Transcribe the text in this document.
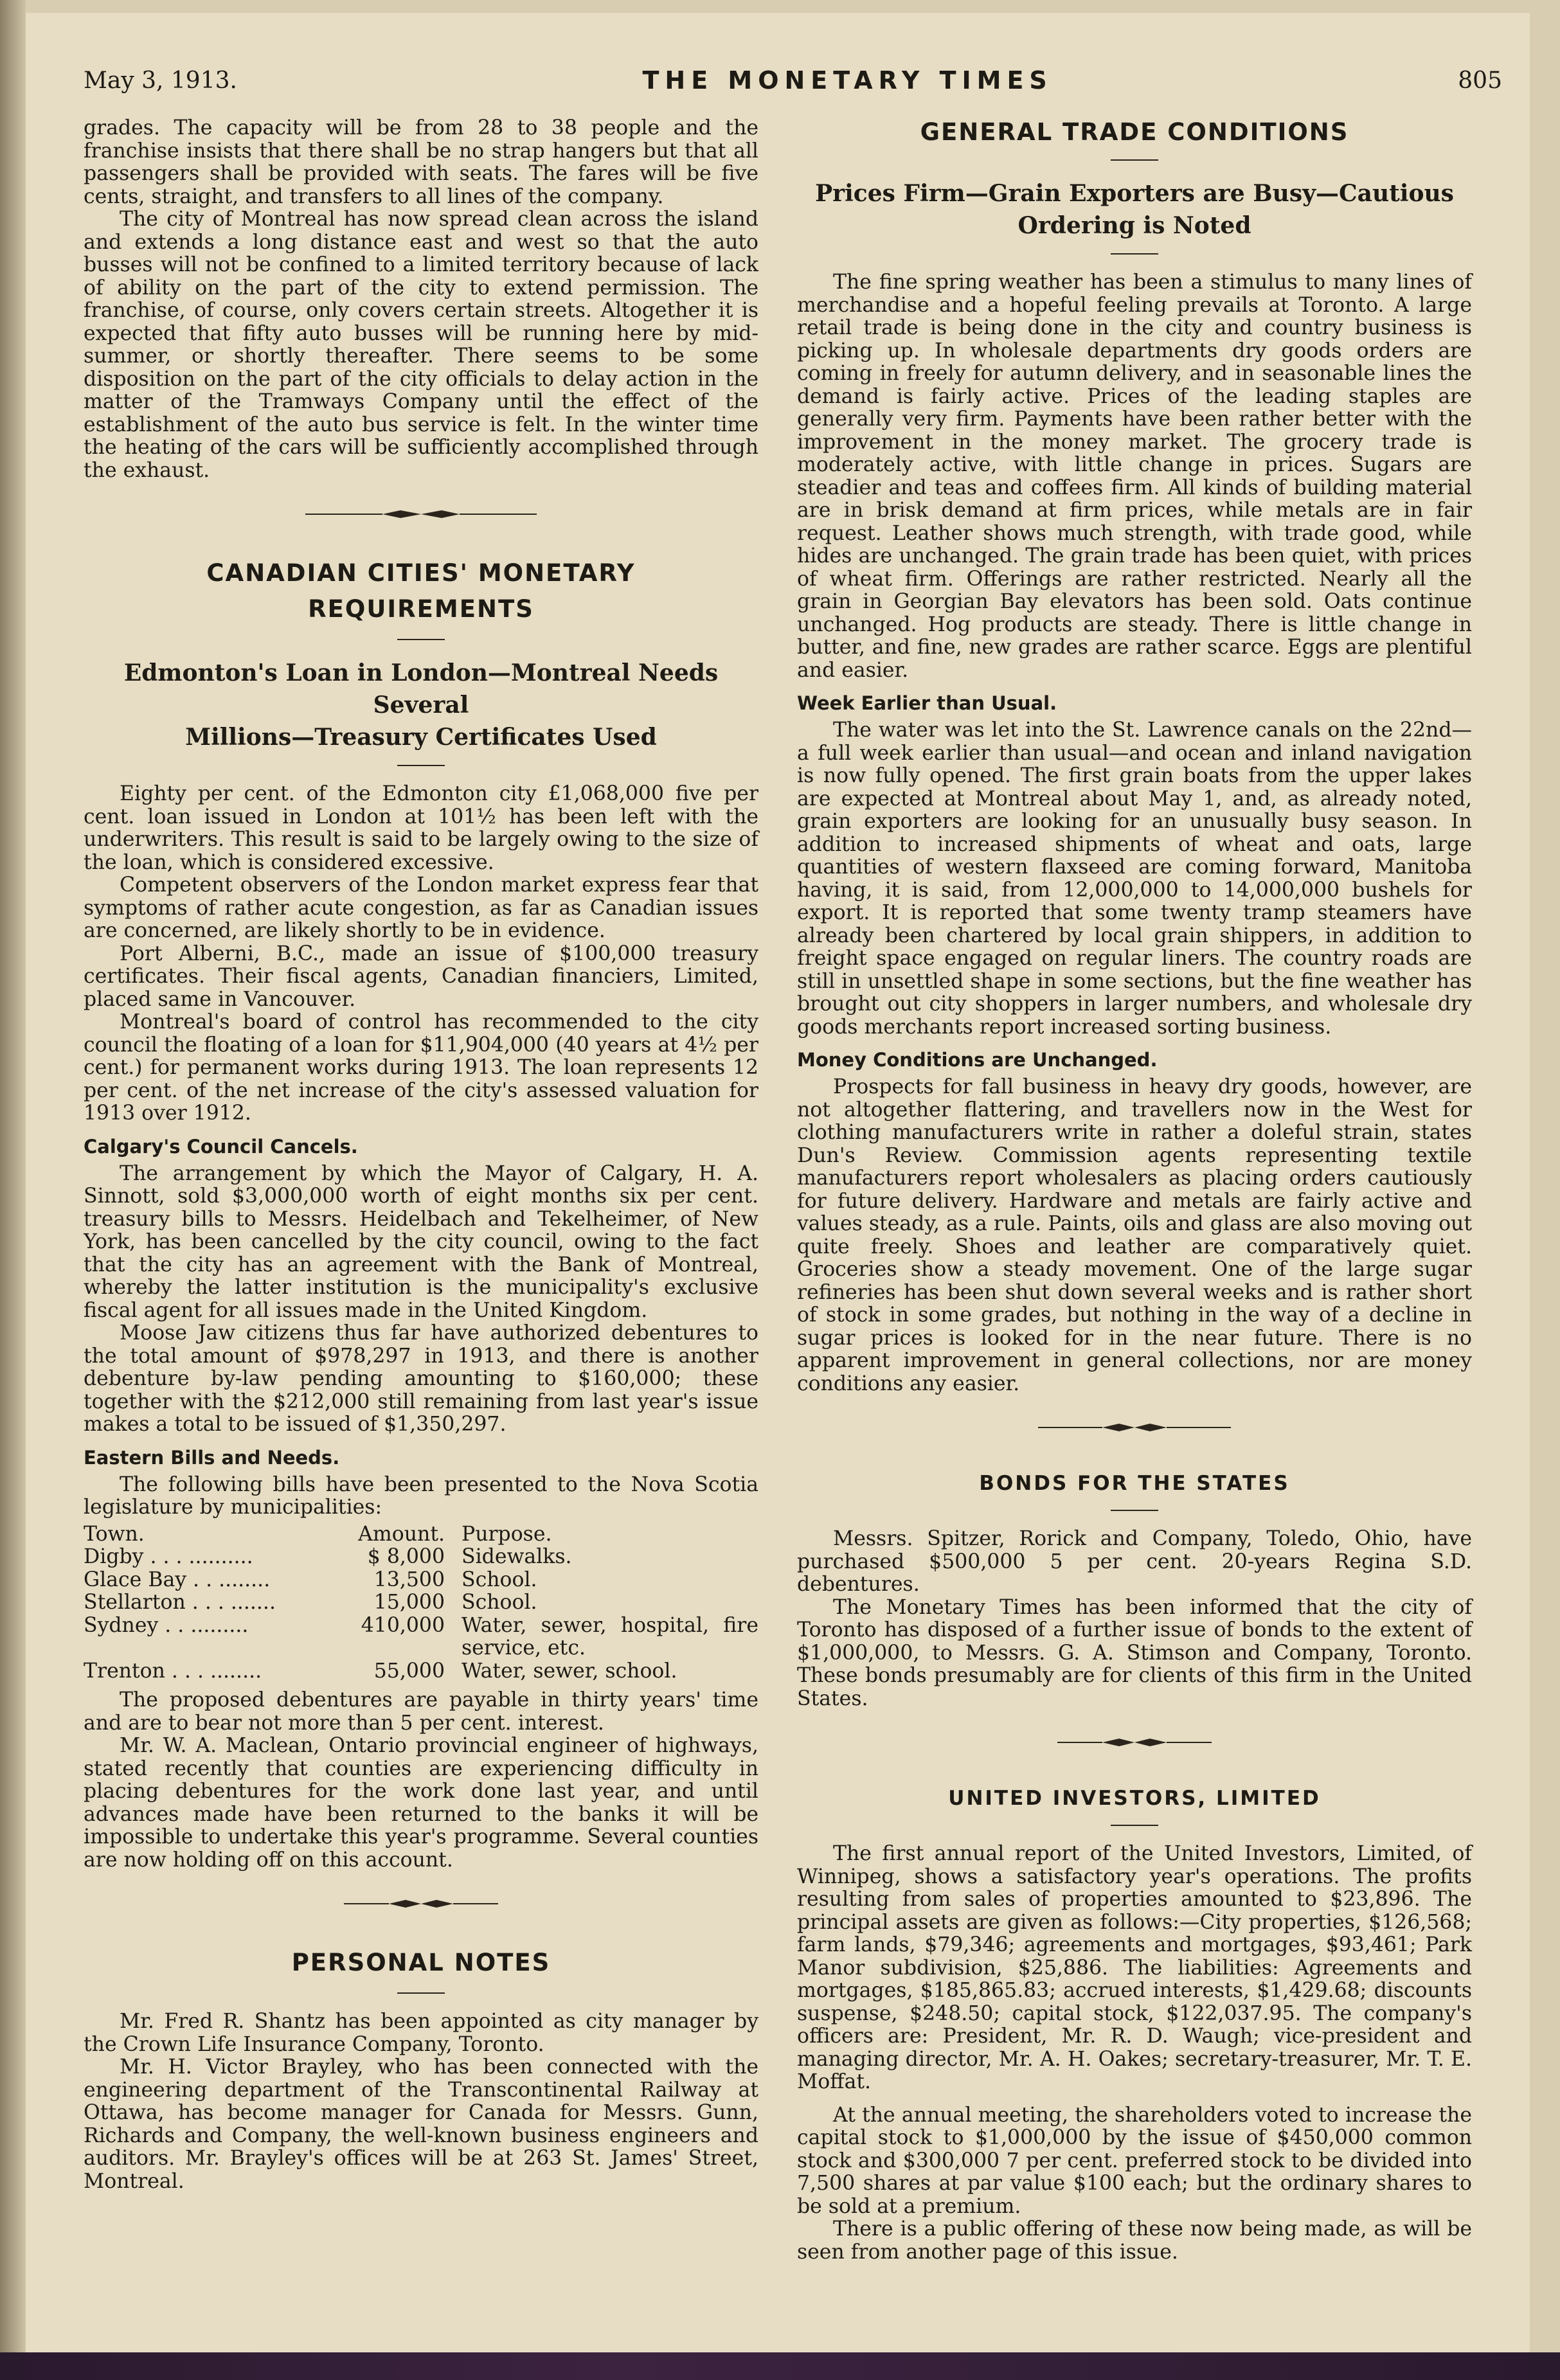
May 3, 1913.	THE MONETARY TIMES	805

grades. The capacity will be from 28 to 38 people and the franchise insists that there shall be no strap hangers but that all passengers shall be provided with seats. The fares will be five cents, straight, and transfers to all lines of the company.

The city of Montreal has now spread clean across the island and extends a long distance east and west so that the auto busses will not be confined to a limited territory because of lack of ability on the part of the city to extend permission. The franchise, of course, only covers certain streets. Altogether it is expected that fifty auto busses will be running here by mid-summer, or shortly thereafter. There seems to be some disposition on the part of the city officials to delay action in the matter of the Tramways Company until the effect of the establishment of the auto bus service is felt. In the winter time the heating of the cars will be sufficiently accomplished through the exhaust.

CANADIAN CITIES' MONETARY
REQUIREMENTS
Edmonton's Loan in London—Montreal Needs Several
Millions—Treasury Certificates Used

Eighty per cent. of the Edmonton city £1,068,000 five per cent. loan issued in London at 101½ has been left with the underwriters. This result is said to be largely owing to the size of the loan, which is considered excessive.

Competent observers of the London market express fear that symptoms of rather acute congestion, as far as Canadian issues are concerned, are likely shortly to be in evidence.

Port Alberni, B.C., made an issue of $100,000 treasury certificates. Their fiscal agents, Canadian financiers, Limited, placed same in Vancouver.

Montreal's board of control has recommended to the city council the floating of a loan for $11,904,000 (40 years at 4½ per cent.) for permanent works during 1913. The loan represents 12 per cent. of the net increase of the city's assessed valuation for 1913 over 1912.

Calgary's Council Cancels.

The arrangement by which the Mayor of Calgary, H. A. Sinnott, sold $3,000,000 worth of eight months six per cent. treasury bills to Messrs. Heidelbach and Tekelheimer, of New York, has been cancelled by the city council, owing to the fact that the city has an agreement with the Bank of Montreal, whereby the latter institution is the municipality's exclusive fiscal agent for all issues made in the United Kingdom.

Moose Jaw citizens thus far have authorized debentures to the total amount of $978,297 in 1913, and there is another debenture by-law pending amounting to $160,000; these together with the $212,000 still remaining from last year's issue makes a total to be issued of $1,350,297.

Eastern Bills and Needs.

The following bills have been presented to the Nova Scotia legislature by municipalities:

Town.	Amount.	Purpose.
Digby . . . ..........	$ 8,000	Sidewalks.
Glace Bay . . ........	13,500	School.
Stellarton . . . .......	15,000	School.
Sydney . . .........	410,000	Water, sewer, hospital, fire service, etc.
Trenton . . . ........	55,000	Water, sewer, school.

The proposed debentures are payable in thirty years' time and are to bear not more than 5 per cent. interest.

Mr. W. A. Maclean, Ontario provincial engineer of highways, stated recently that counties are experiencing difficulty in placing debentures for the work done last year, and until advances made have been returned to the banks it will be impossible to undertake this year's programme. Several counties are now holding off on this account.

PERSONAL NOTES

Mr. Fred R. Shantz has been appointed as city manager by the Crown Life Insurance Company, Toronto.

Mr. H. Victor Brayley, who has been connected with the engineering department of the Transcontinental Railway at Ottawa, has become manager for Canada for Messrs. Gunn, Richards and Company, the well-known business engineers and auditors. Mr. Brayley's offices will be at 263 St. James' Street, Montreal.

GENERAL TRADE CONDITIONS
Prices Firm—Grain Exporters are Busy—Cautious
Ordering is Noted

The fine spring weather has been a stimulus to many lines of merchandise and a hopeful feeling prevails at Toronto. A large retail trade is being done in the city and country business is picking up. In wholesale departments dry goods orders are coming in freely for autumn delivery, and in seasonable lines the demand is fairly active. Prices of the leading staples are generally very firm. Payments have been rather better with the improvement in the money market. The grocery trade is moderately active, with little change in prices. Sugars are steadier and teas and coffees firm. All kinds of building material are in brisk demand at firm prices, while metals are in fair request. Leather shows much strength, with trade good, while hides are unchanged. The grain trade has been quiet, with prices of wheat firm. Offerings are rather restricted. Nearly all the grain in Georgian Bay elevators has been sold. Oats continue unchanged. Hog products are steady. There is little change in butter, and fine, new grades are rather scarce. Eggs are plentiful and easier.

Week Earlier than Usual.

The water was let into the St. Lawrence canals on the 22nd—a full week earlier than usual—and ocean and inland navigation is now fully opened. The first grain boats from the upper lakes are expected at Montreal about May 1, and, as already noted, grain exporters are looking for an unusually busy season. In addition to increased shipments of wheat and oats, large quantities of western flaxseed are coming forward, Manitoba having, it is said, from 12,000,000 to 14,000,000 bushels for export. It is reported that some twenty tramp steamers have already been chartered by local grain shippers, in addition to freight space engaged on regular liners. The country roads are still in unsettled shape in some sections, but the fine weather has brought out city shoppers in larger numbers, and wholesale dry goods merchants report increased sorting business.

Money Conditions are Unchanged.

Prospects for fall business in heavy dry goods, however, are not altogether flattering, and travellers now in the West for clothing manufacturers write in rather a doleful strain, states Dun's Review. Commission agents representing textile manufacturers report wholesalers as placing orders cautiously for future delivery. Hardware and metals are fairly active and values steady, as a rule. Paints, oils and glass are also moving out quite freely. Shoes and leather are comparatively quiet. Groceries show a steady movement. One of the large sugar refineries has been shut down several weeks and is rather short of stock in some grades, but nothing in the way of a decline in sugar prices is looked for in the near future. There is no apparent improvement in general collections, nor are money conditions any easier.

BONDS FOR THE STATES

Messrs. Spitzer, Rorick and Company, Toledo, Ohio, have purchased $500,000 5 per cent. 20-years Regina S.D. debentures.

The Monetary Times has been informed that the city of Toronto has disposed of a further issue of bonds to the extent of $1,000,000, to Messrs. G. A. Stimson and Company, Toronto. These bonds presumably are for clients of this firm in the United States.

UNITED INVESTORS, LIMITED

The first annual report of the United Investors, Limited, of Winnipeg, shows a satisfactory year's operations. The profits resulting from sales of properties amounted to $23,896. The principal assets are given as follows:—City properties, $126,568; farm lands, $79,346; agreements and mortgages, $93,461; Park Manor subdivision, $25,886. The liabilities: Agreements and mortgages, $185,865.83; accrued interests, $1,429.68; discounts suspense, $248.50; capital stock, $122,037.95. The company's officers are: President, Mr. R. D. Waugh; vice-president and managing director, Mr. A. H. Oakes; secretary-treasurer, Mr. T. E. Moffat.

At the annual meeting, the shareholders voted to increase the capital stock to $1,000,000 by the issue of $450,000 common stock and $300,000 7 per cent. preferred stock to be divided into 7,500 shares at par value $100 each; but the ordinary shares to be sold at a premium.

There is a public offering of these now being made, as will be seen from another page of this issue.
